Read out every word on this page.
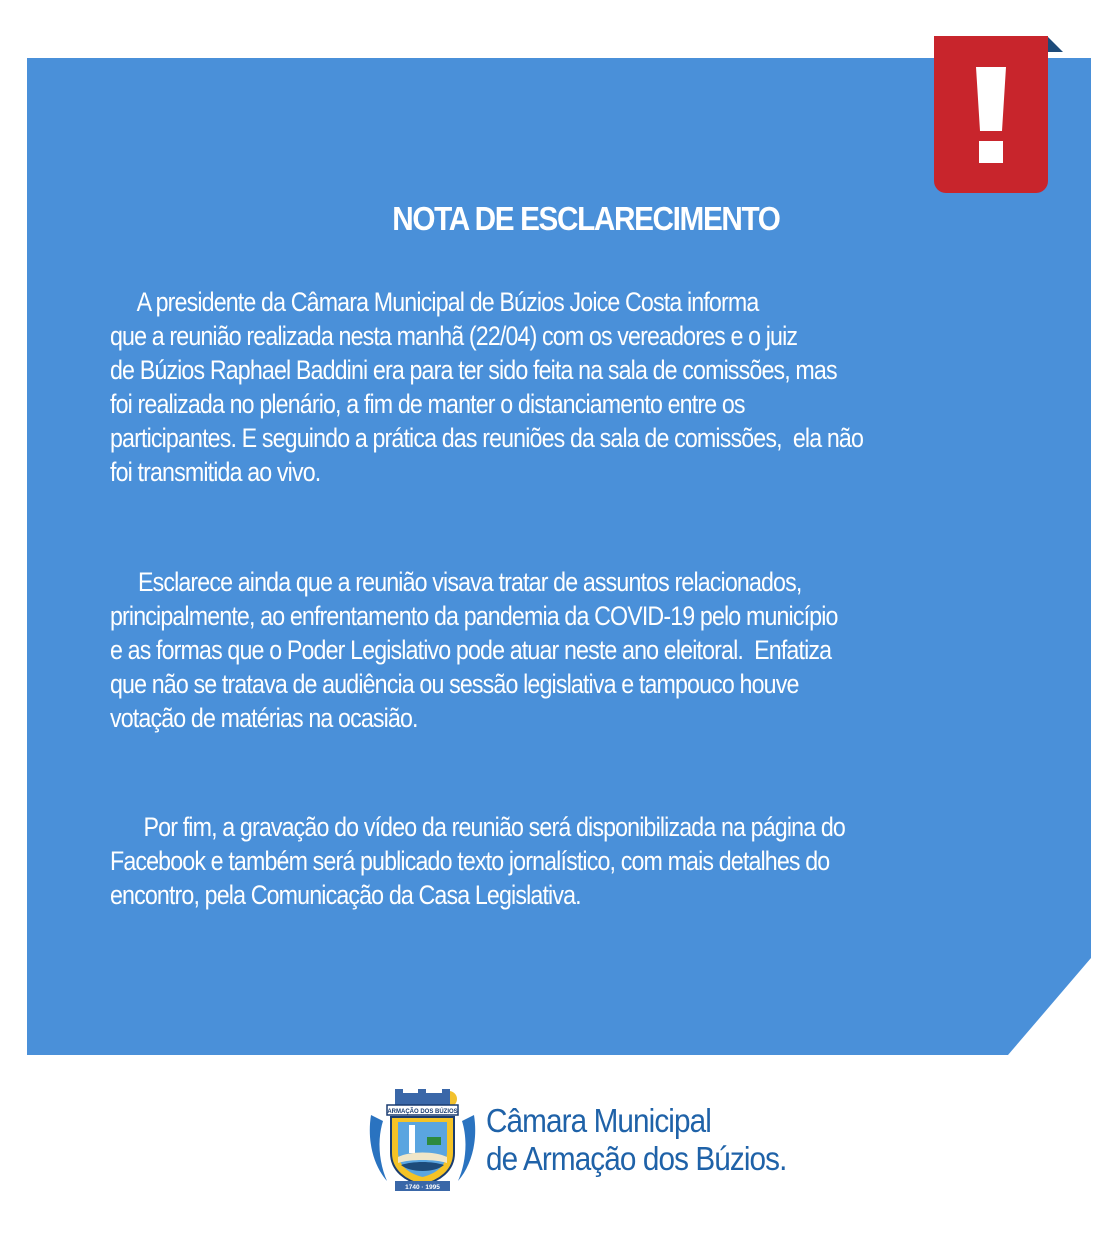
NOTA DE ESCLARECIMENTO

A presidente da Câmara Municipal de Búzios Joice Costa informa
que a reunião realizada nesta manhã (22/04) com os vereadores e o juiz
de Búzios Raphael Baddini era para ter sido feita na sala de comissões, mas
foi realizada no plenário, a fim de manter o distanciamento entre os
participantes. E seguindo a prática das reuniões da sala de comissões,  ela não
foi transmitida ao vivo.

Esclarece ainda que a reunião visava tratar de assuntos relacionados,
principalmente, ao enfrentamento da pandemia da COVID-19 pelo município
e as formas que o Poder Legislativo pode atuar neste ano eleitoral.  Enfatiza
que não se tratava de audiência ou sessão legislativa e tampouco houve
votação de matérias na ocasião.

Por fim, a gravação do vídeo da reunião será disponibilizada na página do
Facebook e também será publicado texto jornalístico, com mais detalhes do
encontro, pela Comunicação da Casa Legislativa.

ARMAÇÃO DOS BÚZIOS
1740 · 1995
Câmara Municipal
de Armação dos Búzios.
